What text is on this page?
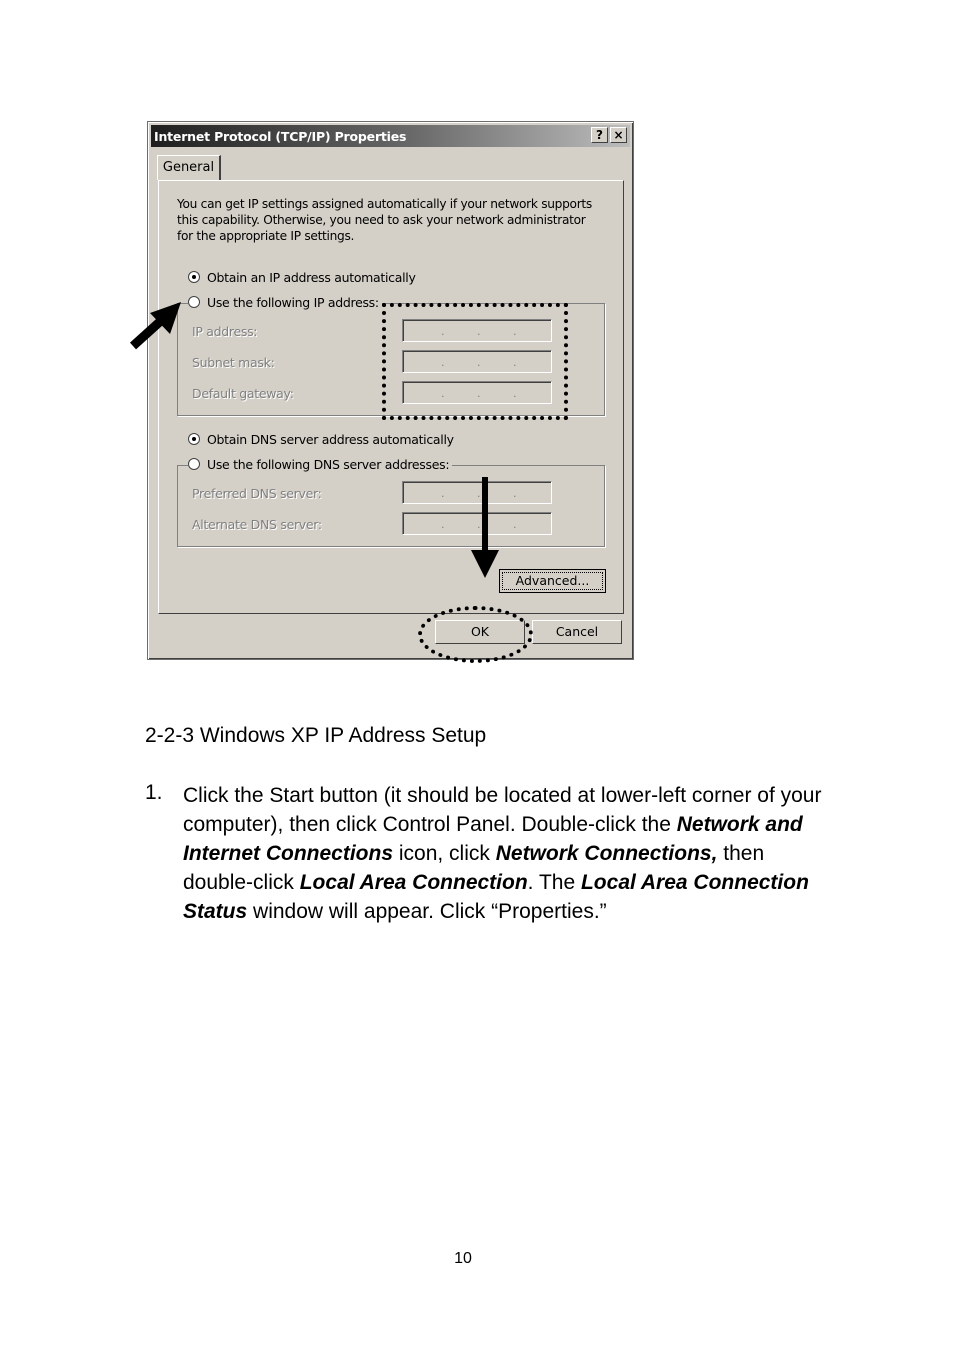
Internet Protocol (TCP/IP) Properties	? ×
General
You can get IP settings assigned automatically if your network supports this capability. Otherwise, you need to ask your network administrator for the appropriate IP settings.
Obtain an IP address automatically
Use the following IP address:
IP address:	.	.	.
Subnet mask:	.	.	.
Default gateway:	.	.	.
Obtain DNS server address automatically
Use the following DNS server addresses:
Preferred DNS server:	.	.	.
Alternate DNS server:	.	.	.
Advanced...
OK	Cancel
2-2-3 Windows XP IP Address Setup
1. Click the Start button (it should be located at lower-left corner of your computer), then click Control Panel. Double-click the Network and Internet Connections icon, click Network Connections, then double-click Local Area Connection. The Local Area Connection Status window will appear. Click “Properties.”
10
